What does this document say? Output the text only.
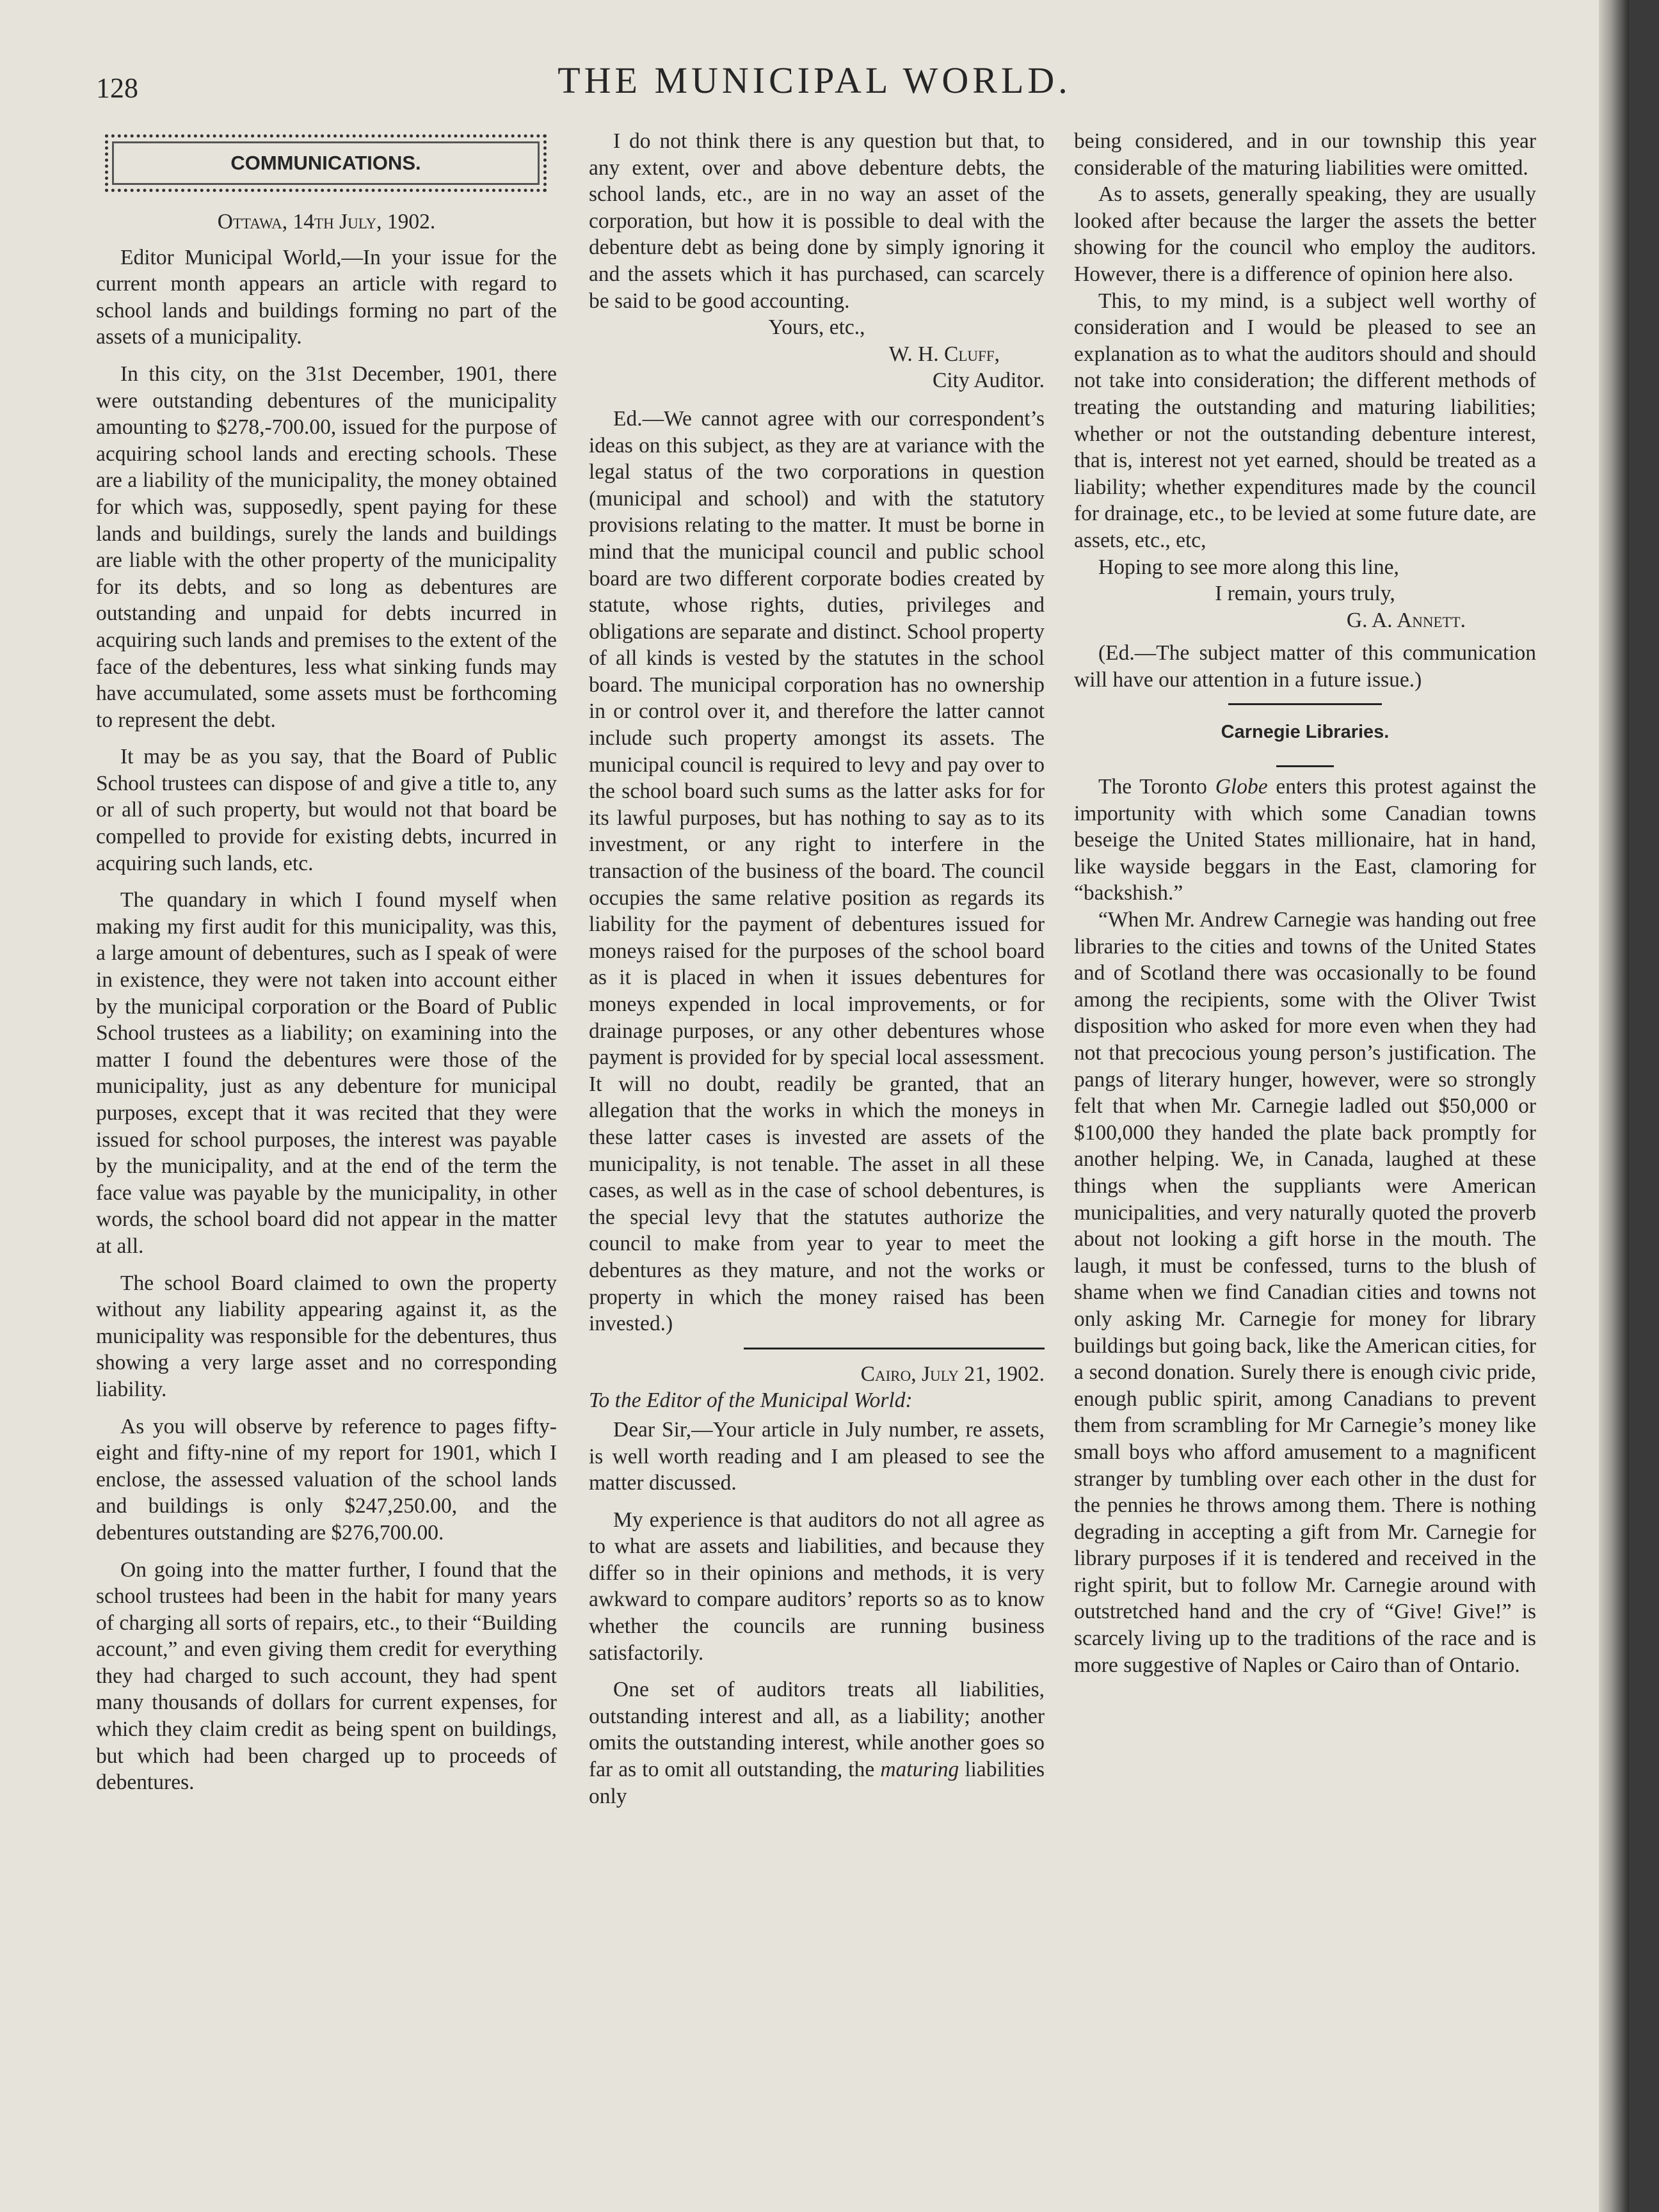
128	THE MUNICIPAL WORLD.
COMMUNICATIONS.

Ottawa, 14th July, 1902.

Editor Municipal World,—In your issue for the current month appears an article with regard to school lands and buildings forming no part of the assets of a municipality.

In this city, on the 31st December, 1901, there were outstanding debentures of the municipality amounting to $278,-700.00, issued for the purpose of acquiring school lands and erecting schools. These are a liability of the municipality, the money obtained for which was, supposedly, spent paying for these lands and buildings, surely the lands and buildings are liable with the other property of the municipality for its debts, and so long as debentures are outstanding and unpaid for debts incurred in acquiring such lands and premises to the extent of the face of the debentures, less what sinking funds may have accumulated, some assets must be forthcoming to represent the debt.

It may be as you say, that the Board of Public School trustees can dispose of and give a title to, any or all of such property, but would not that board be compelled to provide for existing debts, incurred in acquiring such lands, etc.

The quandary in which I found myself when making my first audit for this municipality, was this, a large amount of debentures, such as I speak of were in existence, they were not taken into account either by the municipal corporation or the Board of Public School trustees as a liability; on examining into the matter I found the debentures were those of the municipality, just as any debenture for municipal purposes, except that it was recited that they were issued for school purposes, the interest was payable by the municipality, and at the end of the term the face value was payable by the municipality, in other words, the school board did not appear in the matter at all.

The school Board claimed to own the property without any liability appearing against it, as the municipality was responsible for the debentures, thus showing a very large asset and no corresponding liability.

As you will observe by reference to pages fifty-eight and fifty-nine of my report for 1901, which I enclose, the assessed valuation of the school lands and buildings is only $247,250.00, and the debentures outstanding are $276,700.00.

On going into the matter further, I found that the school trustees had been in the habit for many years of charging all sorts of repairs, etc., to their “Building account,” and even giving them credit for everything they had charged to such account, they had spent many thousands of dollars for current expenses, for which they claim credit as being spent on buildings, but which had been charged up to proceeds of debentures.

I do not think there is any question but that, to any extent, over and above debenture debts, the school lands, etc., are in no way an asset of the corporation, but how it is possible to deal with the debenture debt as being done by simply ignoring it and the assets which it has purchased, can scarcely be said to be good accounting.

Yours, etc.,

W. H. Cluff,

City Auditor.

Ed.—We cannot agree with our correspondent’s ideas on this subject, as they are at variance with the legal status of the two corporations in question (municipal and school) and with the statutory provisions relating to the matter. It must be borne in mind that the municipal council and public school board are two different corporate bodies created by statute, whose rights, duties, privileges and obligations are separate and distinct. School property of all kinds is vested by the statutes in the school board. The municipal corporation has no ownership in or control over it, and therefore the latter cannot include such property amongst its assets. The municipal council is required to levy and pay over to the school board such sums as the latter asks for for its lawful purposes, but has nothing to say as to its investment, or any right to interfere in the transaction of the business of the board. The council occupies the same relative position as regards its liability for the payment of debentures issued for moneys raised for the purposes of the school board as it is placed in when it issues debentures for moneys expended in local improvements, or for drainage purposes, or any other debentures whose payment is provided for by special local assessment. It will no doubt, readily be granted, that an allegation that the works in which the moneys in these latter cases is invested are assets of the municipality, is not tenable. The asset in all these cases, as well as in the case of school debentures, is the special levy that the statutes authorize the council to make from year to year to meet the debentures as they mature, and not the works or property in which the money raised has been invested.)

Cairo, July 21, 1902.

To the Editor of the Municipal World:

Dear Sir,—Your article in July number, re assets, is well worth reading and I am pleased to see the matter discussed.

My experience is that auditors do not all agree as to what are assets and liabilities, and because they differ so in their opinions and methods, it is very awkward to compare auditors’ reports so as to know whether the councils are running business satisfactorily.

One set of auditors treats all liabilities, outstanding interest and all, as a liability; another omits the outstanding interest, while another goes so far as to omit all outstanding, the maturing liabilities only

being considered, and in our township this year considerable of the maturing liabilities were omitted.

As to assets, generally speaking, they are usually looked after because the larger the assets the better showing for the council who employ the auditors. However, there is a difference of opinion here also.

This, to my mind, is a subject well worthy of consideration and I would be pleased to see an explanation as to what the auditors should and should not take into consideration; the different methods of treating the outstanding and maturing liabilities; whether or not the outstanding debenture interest, that is, interest not yet earned, should be treated as a liability; whether expenditures made by the council for drainage, etc., to be levied at some future date, are assets, etc., etc,

Hoping to see more along this line,

I remain, yours truly,

G. A. Annett.

(Ed.—The subject matter of this communication will have our attention in a future issue.)

Carnegie Libraries.

The Toronto Globe enters this protest against the importunity with which some Canadian towns beseige the United States millionaire, hat in hand, like wayside beggars in the East, clamoring for “backshish.”

“When Mr. Andrew Carnegie was handing out free libraries to the cities and towns of the United States and of Scotland there was occasionally to be found among the recipients, some with the Oliver Twist disposition who asked for more even when they had not that precocious young person’s justification. The pangs of literary hunger, however, were so strongly felt that when Mr. Carnegie ladled out $50,000 or $100,000 they handed the plate back promptly for another helping. We, in Canada, laughed at these things when the suppliants were American municipalities, and very naturally quoted the proverb about not looking a gift horse in the mouth. The laugh, it must be confessed, turns to the blush of shame when we find Canadian cities and towns not only asking Mr. Carnegie for money for library buildings but going back, like the American cities, for a second donation. Surely there is enough civic pride, enough public spirit, among Canadians to prevent them from scrambling for Mr Carnegie’s money like small boys who afford amusement to a magnificent stranger by tumbling over each other in the dust for the pennies he throws among them. There is nothing degrading in accepting a gift from Mr. Carnegie for library purposes if it is tendered and received in the right spirit, but to follow Mr. Carnegie around with outstretched hand and the cry of “Give! Give!” is scarcely living up to the traditions of the race and is more suggestive of Naples or Cairo than of Ontario.
